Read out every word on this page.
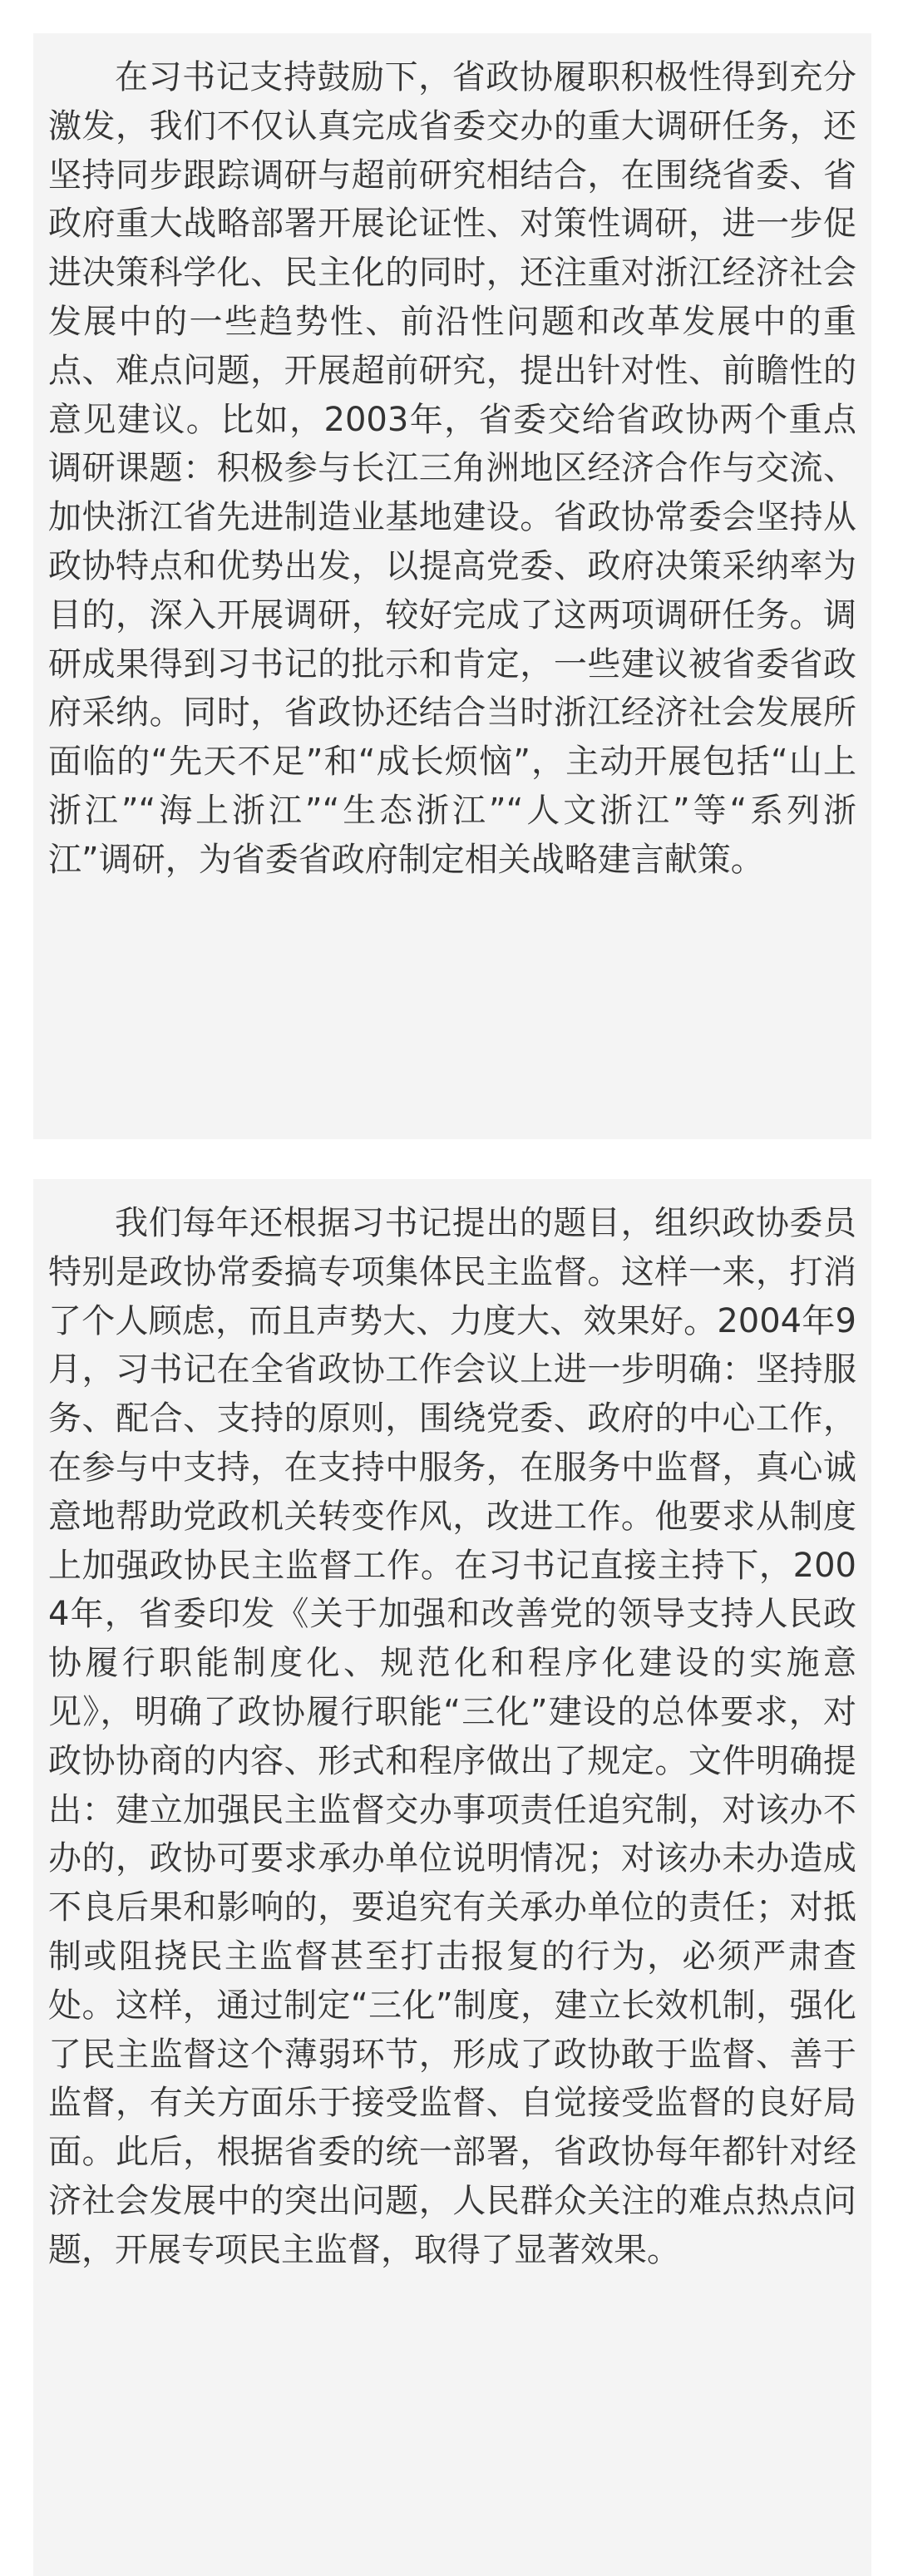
在习书记支持鼓励下，省政协履职积极性得到充分激发，我们不仅认真完成省委交办的重大调研任务，还坚持同步跟踪调研与超前研究相结合，在围绕省委、省政府重大战略部署开展论证性、对策性调研，进一步促进决策科学化、民主化的同时，还注重对浙江经济社会发展中的一些趋势性、前沿性问题和改革发展中的重点、难点问题，开展超前研究，提出针对性、前瞻性的意见建议。比如，2003年，省委交给省政协两个重点调研课题：积极参与长江三角洲地区经济合作与交流、加快浙江省先进制造业基地建设。省政协常委会坚持从政协特点和优势出发，以提高党委、政府决策采纳率为目的，深入开展调研，较好完成了这两项调研任务。调研成果得到习书记的批示和肯定，一些建议被省委省政府采纳。同时，省政协还结合当时浙江经济社会发展所面临的“先天不足”和“成长烦恼”，主动开展包括“山上浙江”“海上浙江”“生态浙江”“人文浙江”等“系列浙江”调研，为省委省政府制定相关战略建言献策。

我们每年还根据习书记提出的题目，组织政协委员特别是政协常委搞专项集体民主监督。这样一来，打消了个人顾虑，而且声势大、力度大、效果好。2004年9月，习书记在全省政协工作会议上进一步明确：坚持服务、配合、支持的原则，围绕党委、政府的中心工作，在参与中支持，在支持中服务，在服务中监督，真心诚意地帮助党政机关转变作风，改进工作。他要求从制度上加强政协民主监督工作。在习书记直接主持下，2004年，省委印发《关于加强和改善党的领导支持人民政协履行职能制度化、规范化和程序化建设的实施意见》，明确了政协履行职能“三化”建设的总体要求，对政协协商的内容、形式和程序做出了规定。文件明确提出：建立加强民主监督交办事项责任追究制，对该办不办的，政协可要求承办单位说明情况；对该办未办造成不良后果和影响的，要追究有关承办单位的责任；对抵制或阻挠民主监督甚至打击报复的行为，必须严肃查处。这样，通过制定“三化”制度，建立长效机制，强化了民主监督这个薄弱环节，形成了政协敢于监督、善于监督，有关方面乐于接受监督、自觉接受监督的良好局面。此后，根据省委的统一部署，省政协每年都针对经济社会发展中的突出问题，人民群众关注的难点热点问题，开展专项民主监督，取得了显著效果。
